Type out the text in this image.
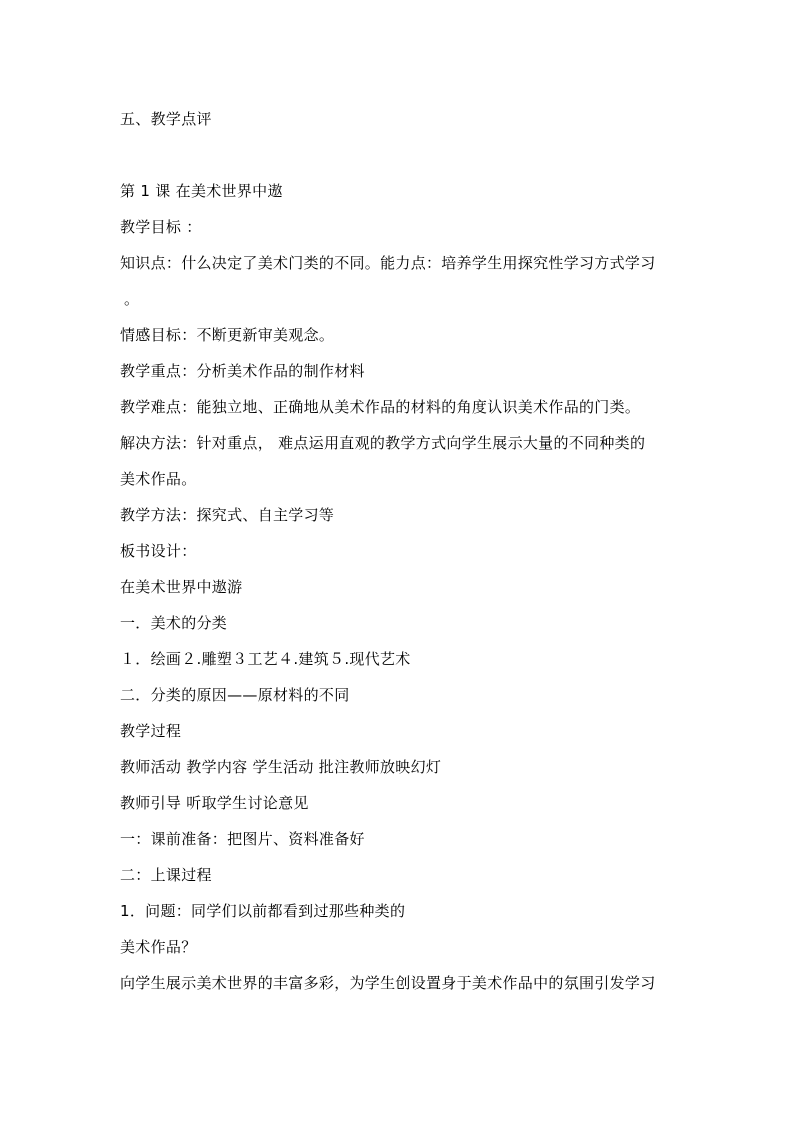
五、教学点评
第 1 课 在美术世界中遨
教学目标 ：
知识点：什么决定了美术门类的不同。能力点：培养学生用探究性学习方式学习
。
情感目标：不断更新审美观念。
教学重点：分析美术作品的制作材料
教学难点：能独立地、正确地从美术作品的材料的角度认识美术作品的门类。
解决方法：针对重点， 难点运用直观的教学方式向学生展示大量的不同种类的
美术作品。
教学方法：探究式、自主学习等
板书设计：
在美术世界中遨游
一．美术的分类
１．绘画２.雕塑３工艺４.建筑５.现代艺术
二．分类的原因——原材料的不同
教学过程
教师活动 教学内容 学生活动 批注教师放映幻灯
教师引导 听取学生讨论意见
一：课前准备：把图片、资料准备好
二：上课过程
1．问题：同学们以前都看到过那些种类的
美术作品？
向学生展示美术世界的丰富多彩，为学生创设置身于美术作品中的氛围引发学习
